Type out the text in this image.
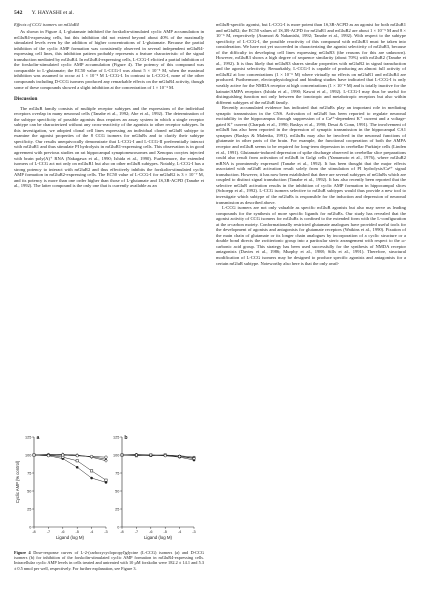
542 Y. HAYASHI et al.
Effects of CCG isomers on mGluR4

As shown in Figure 4, L-glutamate inhibited the forskolin-stimulated cyclic AMP accumulation in mGluR4-expressing cells, but this inhibition did not extend beyond about 40% of the maximally stimulated levels even by the addition of higher concentrations of L-glutamate. Because the partial inhibition of the cyclic AMP formation was consistently observed in several independent mGluR4-expressing cell lines, this inhibition pattern probably represents a feature characteristic of the signal transduction mediated by mGluR4. In mGluR4-expressing cells, L-CCG-I elicited a partial inhibition of the forskolin-stimulated cyclic AMP accumulation (Figure 4). The potency of this compound was comparable to L-glutamate; the EC50 value of L-CCG-I was about 5 × 10⁻⁵ M, when the maximal inhibition was assumed to occur at 1 × 10⁻³ M L-CCG-I. In contrast to L-CCG-I, none of the other compounds including D-CCG isomers produced any remarkable effects on the mGluR4 activity, though some of these compounds showed a slight inhibition at the concentration of 1 × 10⁻³ M.

Discussion

The mGluR family consists of multiple receptor subtypes and the expressions of the individual receptors overlap in many neuronal cells (Tanabe et al., 1992; Abe et al., 1992). The determination of the subtype specificity of possible agonists thus requires an assay system in which a single receptor subtype can be characterized without any cross-reactivity of the agonists to other receptor subtypes. In this investigation, we adopted clonal cell lines expressing an individual cloned mGluR subtype to examine the agonist properties of the 8 CCG isomers for mGluRs and to clarify their subtype specificity. Our results unequivocally demonstrate that L-CCG-I and L-CCG-II preferentially interact with mGluR1 and thus stimulate PI hydrolysis in mGluR1-expressing cells. This observation is in good agreement with previous studies on rat hippocampal synaptoneurosomes and Xenopus oocytes injected with brain poly(A)⁺ RNA (Nakagawa et al., 1990; Ishida et al., 1990). Furthermore, the extended isomers of L-CCG act not only on mGluR1 but also on other mGluR subtypes. Notably, L-CCG-I has a strong potency to interact with mGluR2 and thus effectively inhibits the forskolin-stimulated cyclic AMP formation in mGluR2-expressing cells. The EC50 value of L-CCG-I for mGluR2 is 3 × 10⁻⁷ M, and its potency is more than one order higher than those of L-glutamate and 1S,3R-ACPD (Tanabe et al., 1992). The latter compound is the only one that is currently available as an

mGluR-specific agonist, but L-CCG-I is more potent than 1S,3R-ACPD as an agonist for both mGluR1 and mGluR2; the EC50 values of 1S,3R-ACPD for mGluR1 and mGluR2 are about 1 × 10⁻⁵ M and 8 × 10⁻⁶ M, respectively (Aramori & Nakanishi, 1992; Tanabe et al., 1992). With respect to the subtype specificity of L-CCG-I, the possible reactivity of this compound with mGluR3 must be taken into consideration. We have not yet succeeded in characterizing the agonist selectivity of mGluR3, because of the difficulty in developing cell lines expressing mGluR3 (the reasons for this are unknown). However, mGluR3 shows a high degree of sequence similarity (about 70%) with mGluR2 (Tanabe et al., 1992). It is thus likely that mGluR3 shares similar properties with mGluR2 in signal transduction and the agonist selectivity. Remarkably, L-CCG-I is capable of producing an almost full activity of mGluR2 at low concentrations (1 × 10⁻⁶ M) where virtually no effects on mGluR1 and mGluR4 are produced. Furthermore, electrophysiological and binding studies have indicated that L-CCG-I is only weakly active for the NMDA receptor at high concentrations (1 × 10⁻⁴ M) and is totally inactive for the kainate/AMPA receptors (Ishida et al., 1990; Kawai et al., 1992). L-CCG-I may thus be useful for distinguishing function not only between the ionotropic and metabotropic receptors but also within different subtypes of the mGluR family.

Recently accumulated evidence has indicated that mGluRs play an important role in mediating synaptic transmission in the CNS. Activation of mGluR has been reported to regulate neuronal excitability in the hippocampus through suppression of a Ca²⁺-dependent K⁺ current and a voltage-gated K⁺ current (Charpak et al., 1990; Baskys et al., 1990; Desai & Conn, 1991). The involvement of mGluR has also been reported in the depression of synaptic transmission in the hippocampal CA1 synapses (Baskys & Malenka, 1991). mGluRs may also be involved in the neuronal functions of glutamate in other parts of the brain. For example, the functional cooperation of both the AMPA receptor and mGluR seems to be required for long-term depression in cerebellar Purkinje cells (Linden et al., 1991). Glutamate-induced depression of spike discharge observed in cerebellar slice preparations could also result from activation of mGluR in Golgi cells (Yamamoto et al., 1976), where mGluR2 mRNA is prominently expressed (Tanabe et al., 1992). It has been thought that the major effects associated with mGluR activation result solely from the stimulation of PI hydrolysis/Ca²⁺ signal transduction. However, it has now been established that there are several subtypes of mGluRs which are coupled to distinct signal transduction (Tanabe et al., 1992). It has also recently been reported that the selective mGluR activation results in the inhibition of cyclic AMP formation in hippocampal slices (Schoepp et al., 1992). L-CCG isomers selective to mGluR subtypes would thus provide a new tool to investigate which subtype of the mGluRs is responsible for the induction and depression of neuronal transmission as described above.

L-CCG isomers are not only valuable as specific mGluR agonists but also may serve as leading compounds for the synthesis of more specific ligands for mGluRs. Our study has revealed that the agonist activity of CCG isomers for mGluRs is confined to the extended form with the L-configuration at the α-carbon moiety. Conformationally restricted glutamate analogues have provided useful tools for the development of agonists and antagonists for glutamate receptors (Watkins et al., 1990). Fixation of the main chain of glutamate or its longer chain analogues by incorporation of a cyclic structure or a double bond directs the zwitterionic group into a particular steric arrangement with respect to the ω-carbonic acid group. This strategy has been used successfully for the synthesis of NMDA receptor antagonists (Davies et al., 1986; Murphy et al., 1988; Sills et al., 1991). Therefore, structural modification of L-CCG isomers may be designed to produce specific agonists and antagonists for a certain mGluR subtype. Noteworthy also here is that the only avail-

0
25
50
75
100
125
-8	-7	-6	-5	-4	-3
Ligand (log M)
Cyclic AMP (% control)
a
0
25
50
75
100
125
-8	-7	-6	-5	-4	-3
Ligand (log M)
b
Figure 4 Dose-response curves of L-2-(carboxycyclopropyl)glycine (L-CCG) isomers (a) and D-CCG isomers (b) for inhibition of the forskolin-stimulated cyclic AMP formation in mGluR4-expressing cells. Intracellular cyclic AMP levels in cells treated and untreated with 10 μM forskolin were 182.2 ± 14.1 and 5.3 ± 0.5 nmol per well, respectively. For further explanation, see Figure 3.
